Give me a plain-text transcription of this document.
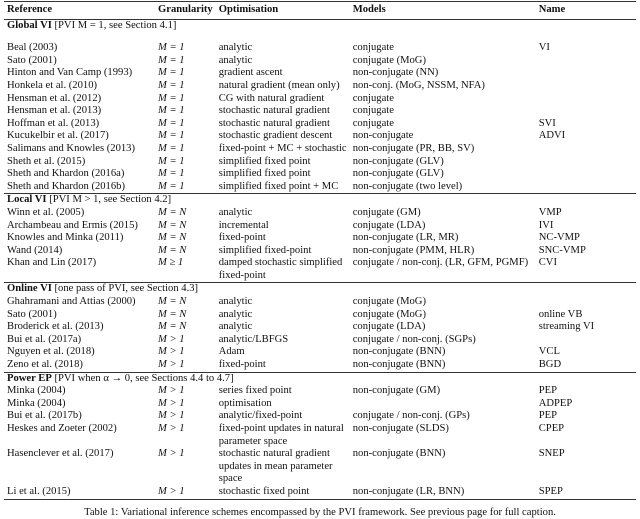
Reference	Granularity	Optimisation	Models	Name
Global VI [PVI M = 1, see Section 4.1]				

Beal (2003)	M = 1	analytic	conjugate	VI
Sato (2001)	M = 1	analytic	conjugate (MoG)	
Hinton and Van Camp (1993)	M = 1	gradient ascent	non-conjugate (NN)	
Honkela et al. (2010)	M = 1	natural gradient (mean only)	non-conj. (MoG, NSSM, NFA)	
Hensman et al. (2012)	M = 1	CG with natural gradient	conjugate	
Hensman et al. (2013)	M = 1	stochastic natural gradient	conjugate	
Hoffman et al. (2013)	M = 1	stochastic natural gradient	conjugate	SVI
Kucukelbir et al. (2017)	M = 1	stochastic gradient descent	non-conjugate	ADVI
Salimans and Knowles (2013)	M = 1	fixed-point + MC + stochastic	non-conjugate (PR, BB, SV)	
Sheth et al. (2015)	M = 1	simplified fixed point	non-conjugate (GLV)	
Sheth and Khardon (2016a)	M = 1	simplified fixed point	non-conjugate (GLV)	
Sheth and Khardon (2016b)	M = 1	simplified fixed point + MC	non-conjugate (two level)	
Local VI [PVI M > 1, see Section 4.2]				
Winn et al. (2005)	M = N	analytic	conjugate (GM)	VMP
Archambeau and Ermis (2015)	M = N	incremental	conjugate (LDA)	IVI
Knowles and Minka (2011)	M = N	fixed-point	non-conjugate (LR, MR)	NC-VMP
Wand (2014)	M = N	simplified fixed-point	non-conjugate (PMM, HLR)	SNC-VMP
Khan and Lin (2017)	M ≥ 1	damped stochastic simplified fixed-point	conjugate / non-conj. (LR, GFM, PGMF)	CVI
Online VI [one pass of PVI, see Section 4.3]				
Ghahramani and Attias (2000)	M = N	analytic	conjugate (MoG)	
Sato (2001)	M = N	analytic	conjugate (MoG)	online VB
Broderick et al. (2013)	M = N	analytic	conjugate (LDA)	streaming VI
Bui et al. (2017a)	M > 1	analytic/LBFGS	conjugate / non-conj. (SGPs)	
Nguyen et al. (2018)	M > 1	Adam	non-conjugate (BNN)	VCL
Zeno et al. (2018)	M > 1	fixed-point	non-conjugate (BNN)	BGD
Power EP [PVI when α → 0, see Sections 4.4 to 4.7]				
Minka (2004)	M > 1	series fixed point	non-conjugate (GM)	PEP
Minka (2004)	M > 1	optimisation		ADPEP
Bui et al. (2017b)	M > 1	analytic/fixed-point	conjugate / non-conj. (GPs)	PEP
Heskes and Zoeter (2002)	M > 1	fixed-point updates in natural parameter space	non-conjugate (SLDS)	CPEP
Hasenclever et al. (2017)	M > 1	stochastic natural gradient updates in mean parameter space	non-conjugate (BNN)	SNEP
Li et al. (2015)	M > 1	stochastic fixed point	non-conjugate (LR, BNN)	SPEP
Table 1: Variational inference schemes encompassed by the PVI framework. See previous page for full caption.
